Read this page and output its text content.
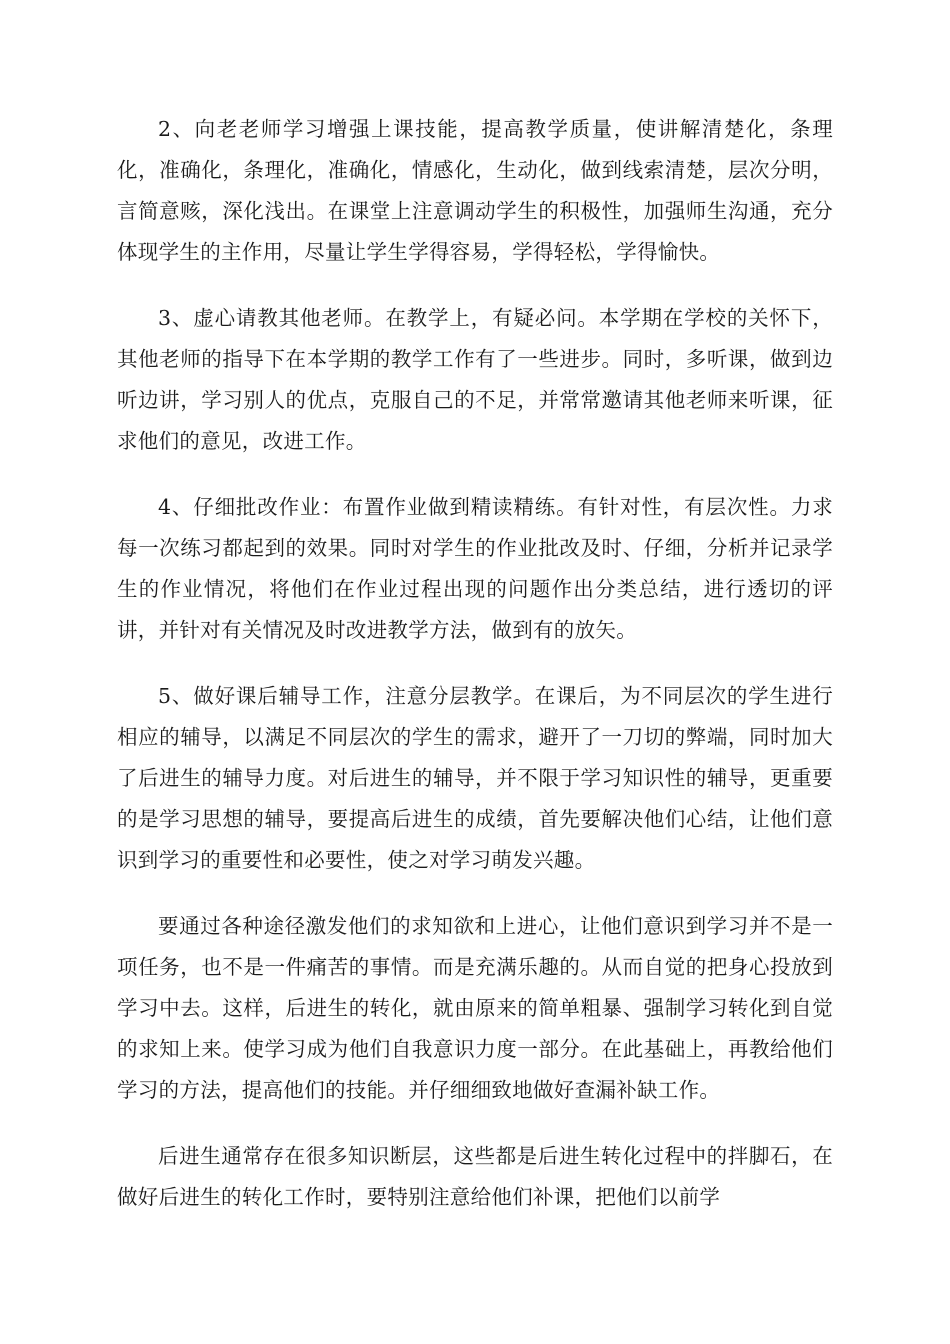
2、向老老师学习增强上课技能，提高教学质量，使讲解清楚化，条理化，准确化，条理化，准确化，情感化，生动化，做到线索清楚，层次分明，言简意赅，深化浅出。在课堂上注意调动学生的积极性，加强师生沟通，充分体现学生的主作用，尽量让学生学得容易，学得轻松，学得愉快。

3、虚心请教其他老师。在教学上，有疑必问。本学期在学校的关怀下，其他老师的指导下在本学期的教学工作有了一些进步。同时，多听课，做到边听边讲，学习别人的优点，克服自己的不足，并常常邀请其他老师来听课，征求他们的意见，改进工作。

4、仔细批改作业：布置作业做到精读精练。有针对性，有层次性。力求每一次练习都起到的效果。同时对学生的作业批改及时、仔细，分析并记录学生的作业情况，将他们在作业过程出现的问题作出分类总结，进行透切的评讲，并针对有关情况及时改进教学方法，做到有的放矢。

5、做好课后辅导工作，注意分层教学。在课后，为不同层次的学生进行相应的辅导，以满足不同层次的学生的需求，避开了一刀切的弊端，同时加大了后进生的辅导力度。对后进生的辅导，并不限于学习知识性的辅导，更重要的是学习思想的辅导，要提高后进生的成绩，首先要解决他们心结，让他们意识到学习的重要性和必要性，使之对学习萌发兴趣。

要通过各种途径激发他们的求知欲和上进心，让他们意识到学习并不是一项任务，也不是一件痛苦的事情。而是充满乐趣的。从而自觉的把身心投放到学习中去。这样，后进生的转化，就由原来的简单粗暴、强制学习转化到自觉的求知上来。使学习成为他们自我意识力度一部分。在此基础上，再教给他们学习的方法，提高他们的技能。并仔细细致地做好查漏补缺工作。

后进生通常存在很多知识断层，这些都是后进生转化过程中的拌脚石，在做好后进生的转化工作时，要特别注意给他们补课，把他们以前学
